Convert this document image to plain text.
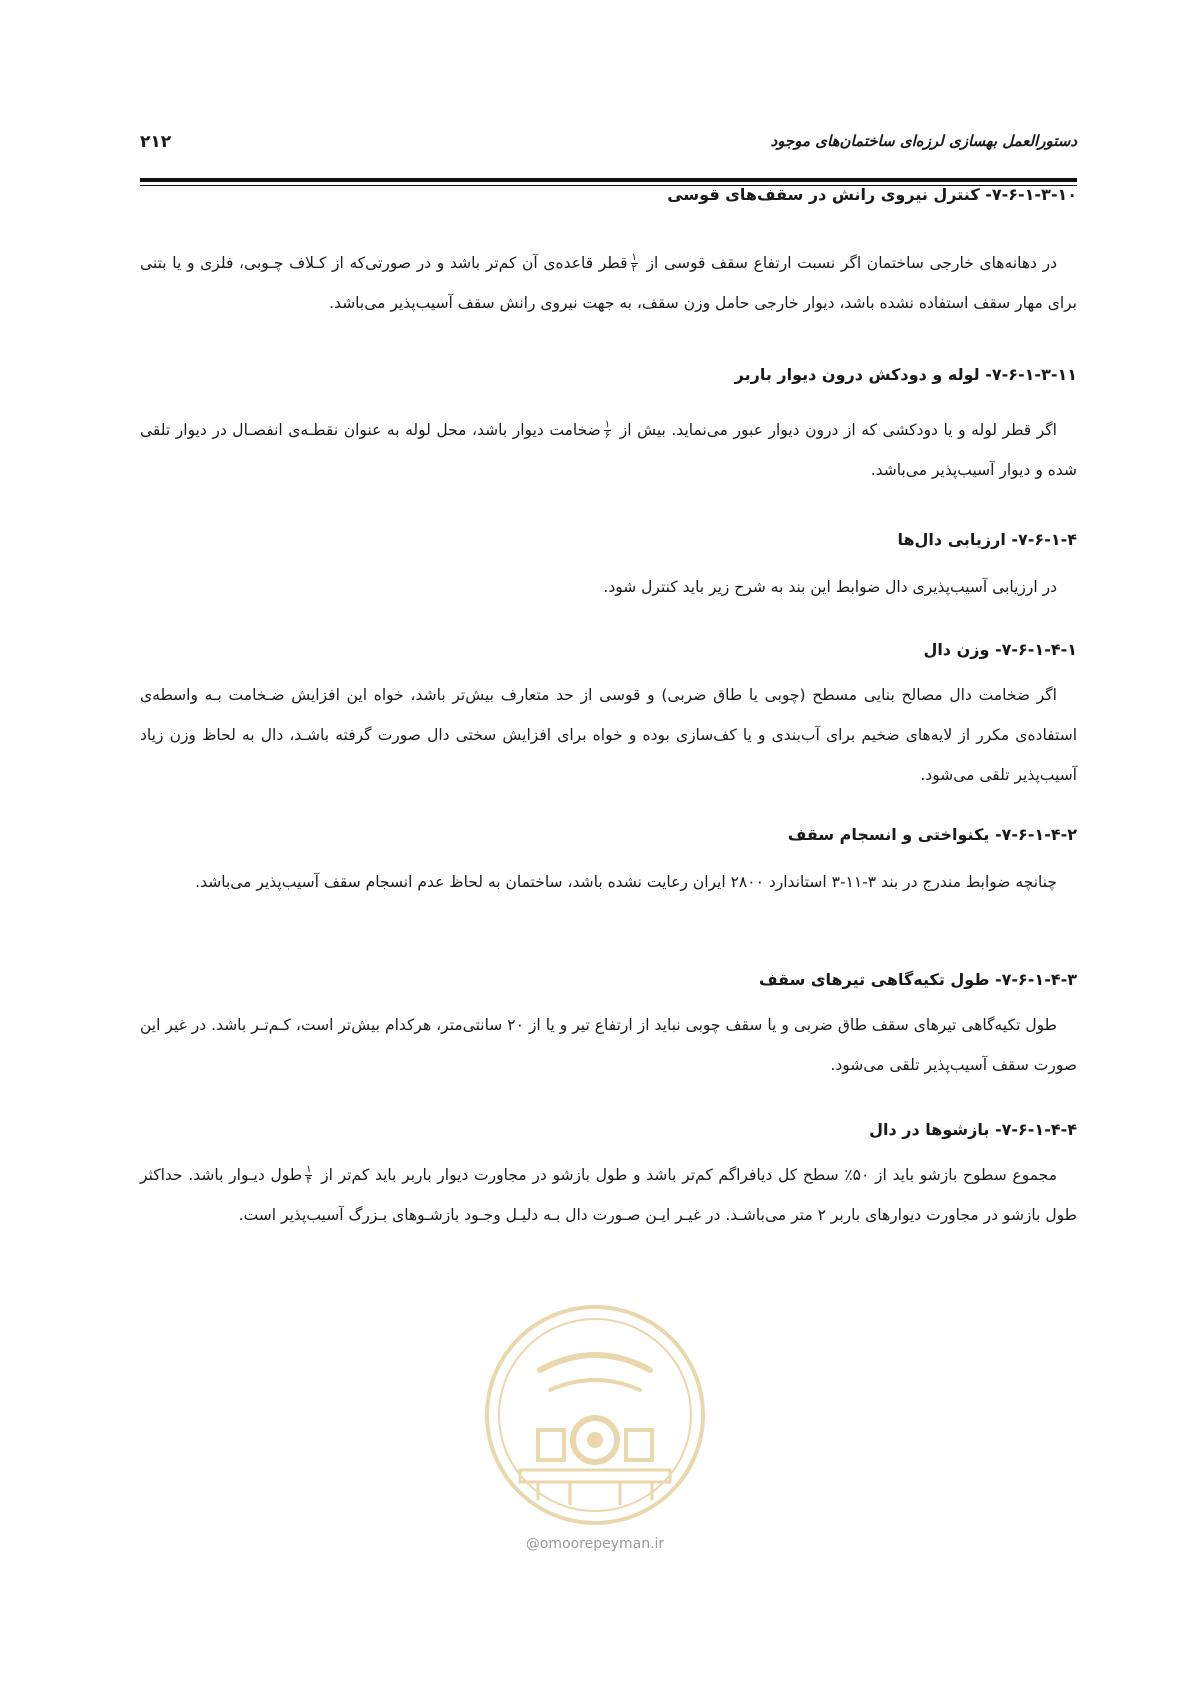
۲۱۲	دستورالعمل بهسازی لرزه‌ای ساختمان‌های موجود
۷-۶-۱-۳-۱۰- کنترل نیروی رانش در سقف‌های قوسی
در دهانه‌های خارجی ساختمان اگر نسبت ارتفاع سقف قوسی از
$\frac{۱}{۲}$
قطر قاعده‌ی آن کم‌تر باشد و در صورتی‌که از کـلاف چـوبی، فلزی و یا بتنی برای مهار سقف استفاده نشده باشد، دیوار خارجی حامل وزن سقف، به جهت نیروی رانش سقف آسیب‌پذیر می‌باشد.
۷-۶-۱-۳-۱۱- لوله و دودکش درون دیوار باربر
اگر قطر لوله و یا دودکشی که از درون دیوار عبور می‌نماید. بیش از
$\frac{۱}{۶}$
ضخامت دیوار باشد، محل لوله به عنوان نقطـه‌ی انفصـال در دیوار تلقی شده و دیوار آسیب‌پذیر می‌باشد.
۷-۶-۱-۴- ارزیابی دال‌ها
در ارزیابی آسیب‌پذیری دال ضوابط این بند به شرح زیر باید کنترل شود.
۷-۶-۱-۴-۱- وزن دال
اگر ضخامت دال مصالح بنایی مسطح (چوبی یا طاق ضربی) و قوسی از حد متعارف بیش‌تر باشد، خواه این افزایش ضـخامت بـه واسطه‌ی استفاده‌ی مکرر از لایه‌های ضخیم برای آب‌بندی و یا کف‌سازی بوده و خواه برای افزایش سختی دال صورت گرفته باشـد، دال به لحاظ وزن زیاد آسیب‌پذیر تلقی می‌شود.
۷-۶-۱-۴-۲- یکنواختی و انسجام سقف
چنانچه ضوابط مندرج در بند ۳-۱۱-۳ استاندارد ۲۸۰۰ ایران رعایت نشده باشد، ساختمان به لحاظ عدم انسجام سقف آسیب‌پذیر می‌باشد.
۷-۶-۱-۴-۳- طول تکیه‌گاهی تیرهای سقف
طول تکیه‌گاهی تیرهای سقف طاق ضربی و یا سقف چوبی نباید از ارتفاع تیر و یا از ۲۰ سانتی‌متر، هرکدام بیش‌تر است، کـم‌تـر باشد. در غیر این صورت سقف آسیب‌پذیر تلقی می‌شود.
۷-۶-۱-۴-۴- بازشوها در دال
مجموع سطوح بازشو باید از ۵۰٪ سطح کل دیافراگم کم‌تر باشد و طول بازشو در مجاورت دیوار باربر باید کم‌تر از
$\frac{۱}{۴}$
طول دیـوار باشد. حداکثر طول بازشو در مجاورت دیوارهای باربر ۲ متر می‌باشـد. در غیـر ایـن صـورت دال بـه دلیـل وجـود بازشـوهای بـزرگ آسیب‌پذیر است.
@omoorepeyman.ir
